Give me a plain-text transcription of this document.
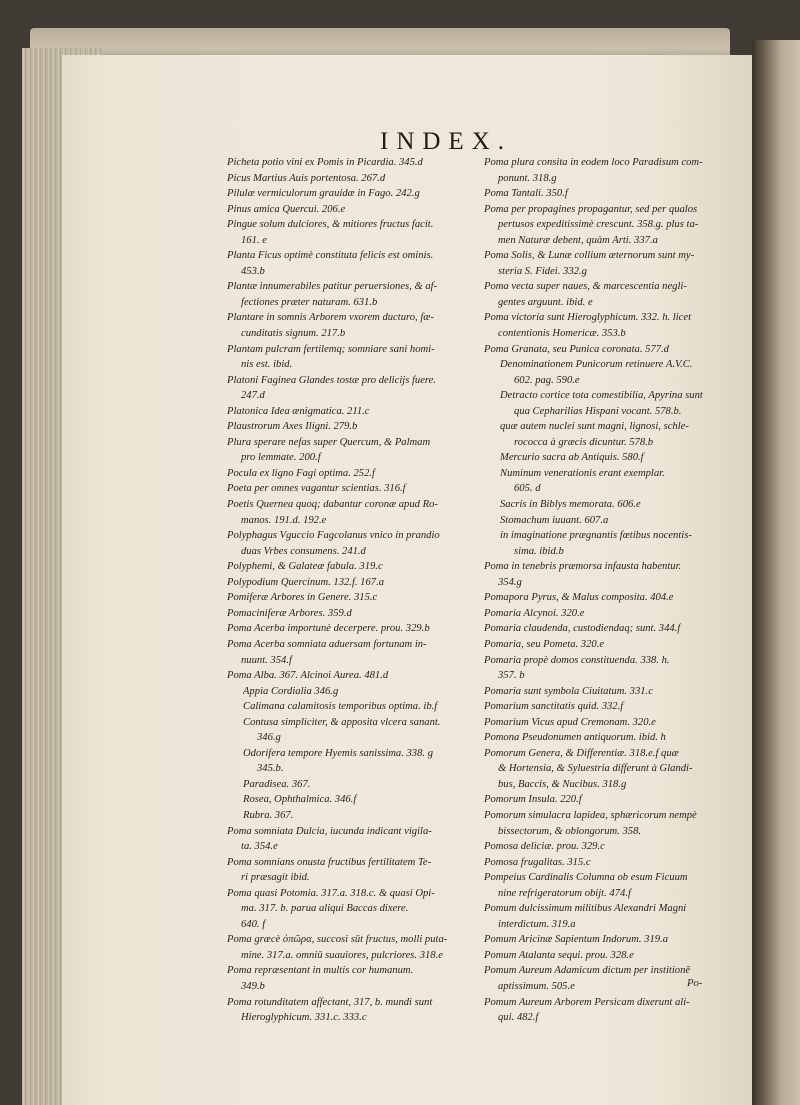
INDEX.
Picheta potio vini ex Pomis in Picardia. 345.d
Picus Martius Auis portentosa. 267.d
Pilulæ vermiculorum grauidæ in Fago. 242.g
Pinus amica Quercui. 206.e
Pingue solum dulciores, & mitiores fructus facit.
161. e
Planta Ficus optimè constituta felicis est ominis.
453.b
Plantæ innumerabiles patitur peruersiones, & af-
fectiones præter naturam. 631.b
Plantare in somnis Arborem vxorem ducturo, fæ-
cunditatis signum. 217.b
Plantam pulcram fertilemq; somniare sani homi-
nis est. ibid.
Platoni Faginea Glandes tostæ pro delicijs fuere.
247.d
Platonica Idea ænigmatica. 211.c
Plaustrorum Axes Iligni. 279.b
Plura sperare nefas super Quercum, & Palmam
pro lemmate. 200.f
Pocula ex ligno Fagi optima. 252.f
Poeta per omnes vagantur scientias. 316.f
Poetis Quernea quoq; dabantur coronæ apud Ro-
manos. 191.d. 192.e
Polyphagus Vguccio Fagcolanus vnico in prandio
duas Vrbes consumens. 241.d
Polyphemi, & Galateæ fabula. 319.c
Polypodium Quercinum. 132.f. 167.a
Pomiferæ Arbores in Genere. 315.c
Pomaciniferæ Arbores. 359.d
Poma Acerba importunè decerpere. prou. 329.b
Poma Acerba somniata aduersam fortunam in-
nuunt. 354.f
Poma Alba. 367. Alcinoi Aurea. 481.d
Appia Cordialia 346.g
Calimana calamitosis temporibus optima. ib.f
Contusa simpliciter, & apposita vlcera sanant.
346.g
Odorifera tempore Hyemis sanissima. 338. g
345.b.
Paradisea. 367.
Rosea, Ophthalmica. 346.f
Rubra. 367.
Poma somniata Dulcia, iucunda indicant vigila-
ta. 354.e
Poma somnians onusta fructibus fertilitatem Te-
ri præsagit ibid.
Poma quasi Potomia. 317.a. 318.c. & quasi Opi-
ma. 317. b. parua aliqui Baccas dixere.
640. f
Poma græcè ὀπῶρα, succosi sūt fructus, molli puta-
mine. 317.a. omniū suauiores, pulcriores. 318.e
Poma repræsentant in multis cor humanum.
349.b
Poma rotunditatem affectant, 317, b. mundi sunt
Hieroglyphicum. 331.c. 333.c
Poma plura consita in eodem loco Paradisum com-
ponunt. 318.g
Poma Tantali. 350.f
Poma per propagines propagantur, sed per qualos
pertusos expeditissimè crescunt. 358.g. plus ta-
men Naturæ debent, quàm Arti. 337.a
Poma Solis, & Lunæ collium æternorum sunt my-
steria S. Fidei. 332.g
Poma vecta super naues, & marcescentia negli-
gentes arguunt. ibid. e
Poma victoria sunt Hieroglyphicum. 332. h. licet
contentionis Homericæ. 353.b
Poma Granata, seu Punica coronata. 577.d
Denominationem Punicorum retinuere A.V.C.
602. pag. 590.e
Detracto cortice tota comestibilia, Apyrina sunt
qua Cepharilias Hispani vocant. 578.b.
quæ autem nuclei sunt magni, lignosi, schle-
rococca à græcis dicuntur. 578.b
Mercurio sacra ab Antiquis. 580.f
Numinum venerationis erant exemplar.
605. d
Sacris in Biblys memorata. 606.e
Stomachum iuuant. 607.a
in imaginatione prægnantis fœtibus nocentis-
sima. ibid.b
Poma in tenebris præmorsa infausta habentur.
354.g
Pomapora Pyrus, & Malus composita. 404.e
Pomaria Alcynoi. 320.e
Pomaria claudenda, custodiendaq; sunt. 344.f
Pomaria, seu Pometa. 320.e
Pomaria propè domos constituenda. 338. h.
357. b
Pomaria sunt symbola Ciuitatum. 331.c
Pomarium sanctitatis quid. 332.f
Pomarium Vicus apud Cremonam. 320.e
Pomona Pseudonumen antiquorum. ibid. h
Pomorum Genera, & Differentiæ. 318.e.f quæ
& Hortensia, & Syluestria differunt à Glandi-
bus, Baccis, & Nucibus. 318.g
Pomorum Insula. 220.f
Pomorum simulacra lapidea, sphæricorum nempè
bissectorum, & oblongorum. 358.
Pomosa deliciæ. prou. 329.c
Pomosa frugalitas. 315.c
Pompeius Cardinalis Columna ob esum Ficuum
nine refrigeratorum obijt. 474.f
Pomum dulcissimum militibus Alexandri Magni
interdictum. 319.a
Pomum Aricinæ Sapientum Indorum. 319.a
Pomum Atalanta sequi. prou. 328.e
Pomum Aureum Adamicum dictum per institionē
aptissimum. 505.e
Pomum Aureum Arborem Persicam dixerunt ali-
qui. 482.f
Po-
